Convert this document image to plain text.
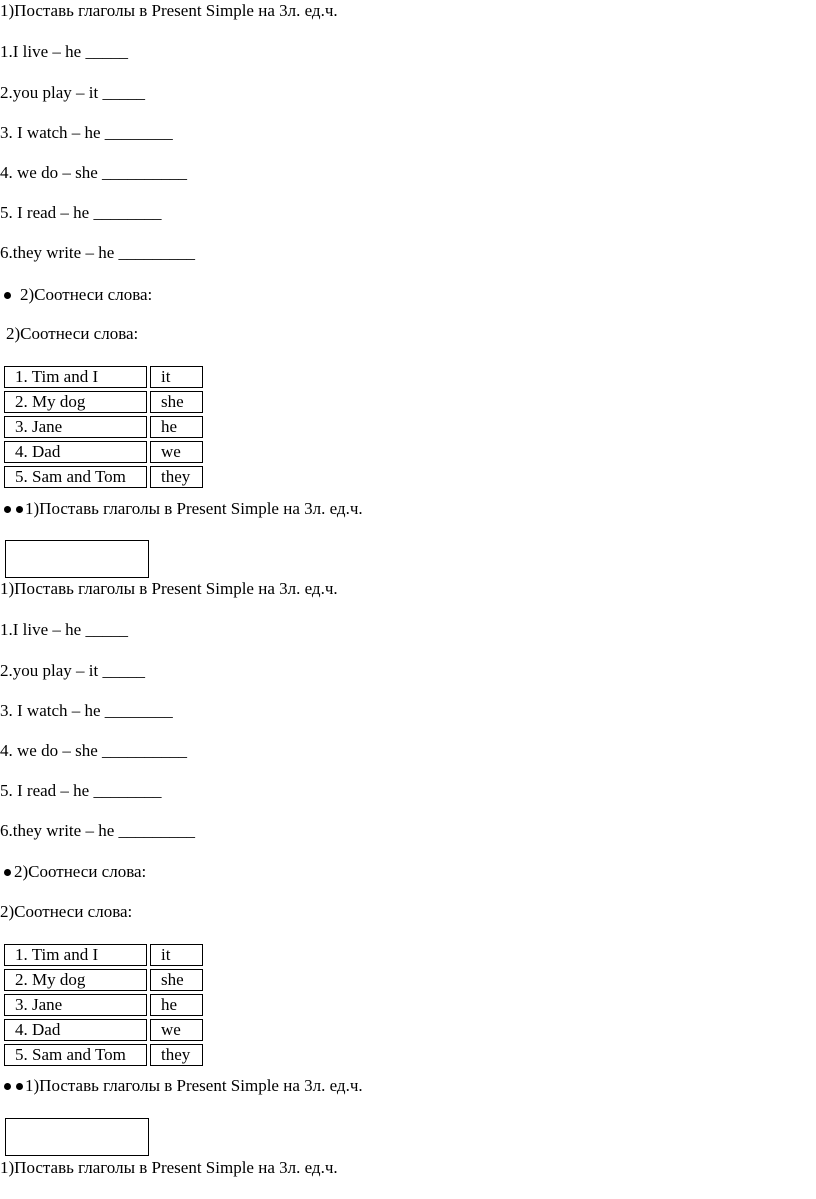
1)Поставь глаголы в Present Simple на 3л. ед.ч.
1.I live – he _____
2.you play – it _____
3. I watch – he ________
4. we do – she __________
5. I read – he ________
6.they write – he _________
2)Соотнеси слова:
2)Соотнеси слова:
1. Tim and I	it
2. My dog	she
3. Jane	he
4. Dad	we
5. Sam and Tom	they
1)Поставь глаголы в Present Simple на 3л. ед.ч.
1)Поставь глаголы в Present Simple на 3л. ед.ч.
1.I live – he _____
2.you play – it _____
3. I watch – he ________
4. we do – she __________
5. I read – he ________
6.they write – he _________
2)Соотнеси слова:
2)Соотнеси слова:
1. Tim and I	it
2. My dog	she
3. Jane	he
4. Dad	we
5. Sam and Tom	they
1)Поставь глаголы в Present Simple на 3л. ед.ч.
1)Поставь глаголы в Present Simple на 3л. ед.ч.
